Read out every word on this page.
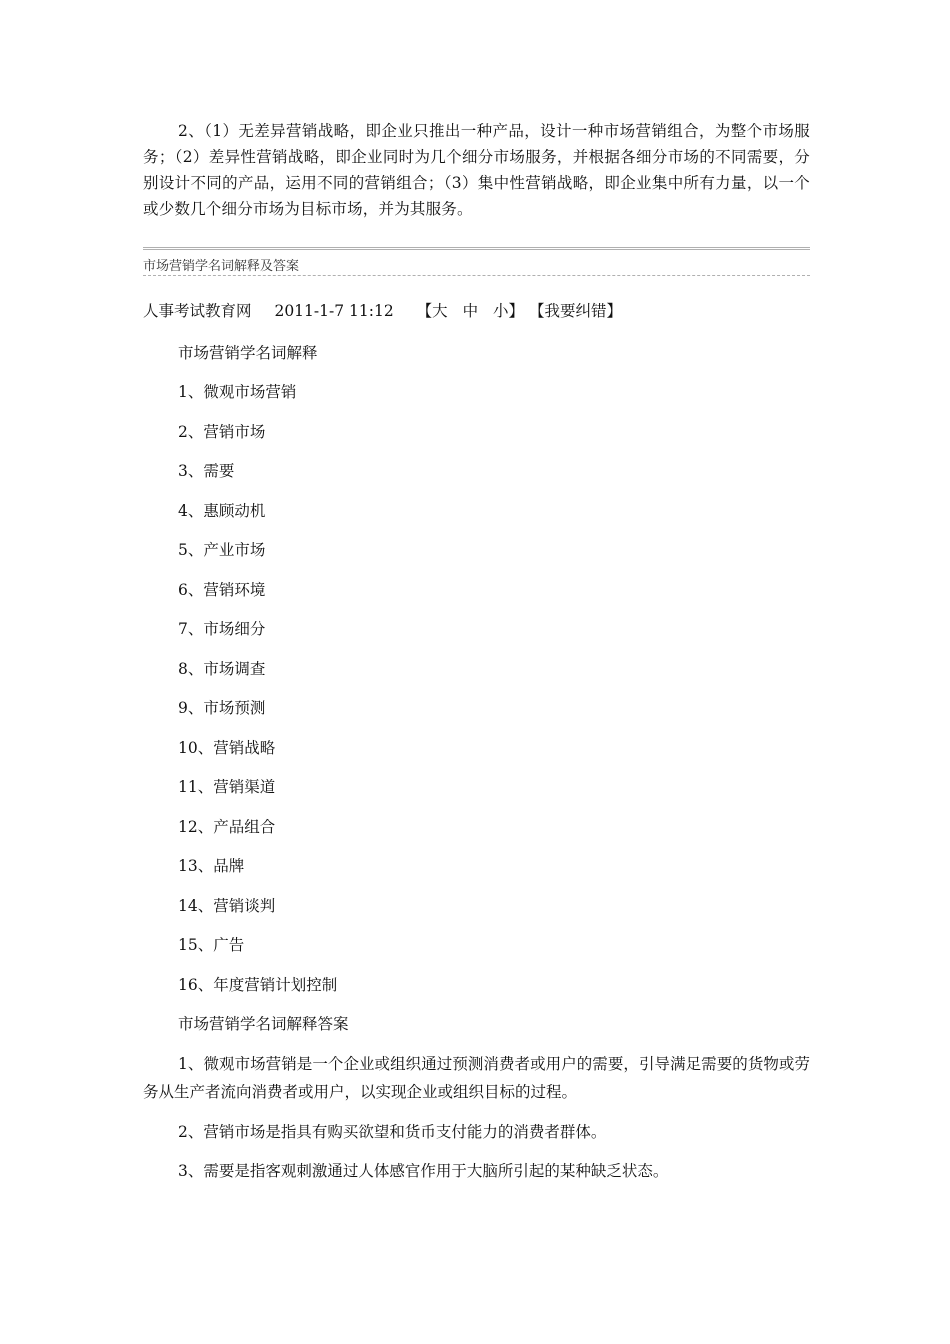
2、（1）无差异营销战略，即企业只推出一种产品，设计一种市场营销组合，为整个市场服务；（2）差异性营销战略，即企业同时为几个细分市场服务，并根据各细分市场的不同需要，分别设计不同的产品，运用不同的营销组合；（3）集中性营销战略，即企业集中所有力量，以一个或少数几个细分市场为目标市场，并为其服务。

市场营销学名词解释及答案

人事考试教育网 2011-1-7 11:12 【大 中 小】 【我要纠错】

市场营销学名词解释

1、微观市场营销

2、营销市场

3、需要

4、惠顾动机

5、产业市场

6、营销环境

7、市场细分

8、市场调查

9、市场预测

10、营销战略

11、营销渠道

12、产品组合

13、品牌

14、营销谈判

15、广告

16、年度营销计划控制

市场营销学名词解释答案

1、微观市场营销是一个企业或组织通过预测消费者或用户的需要，引导满足需要的货物或劳务从生产者流向消费者或用户，以实现企业或组织目标的过程。

2、营销市场是指具有购买欲望和货币支付能力的消费者群体。

3、需要是指客观刺激通过人体感官作用于大脑所引起的某种缺乏状态。
